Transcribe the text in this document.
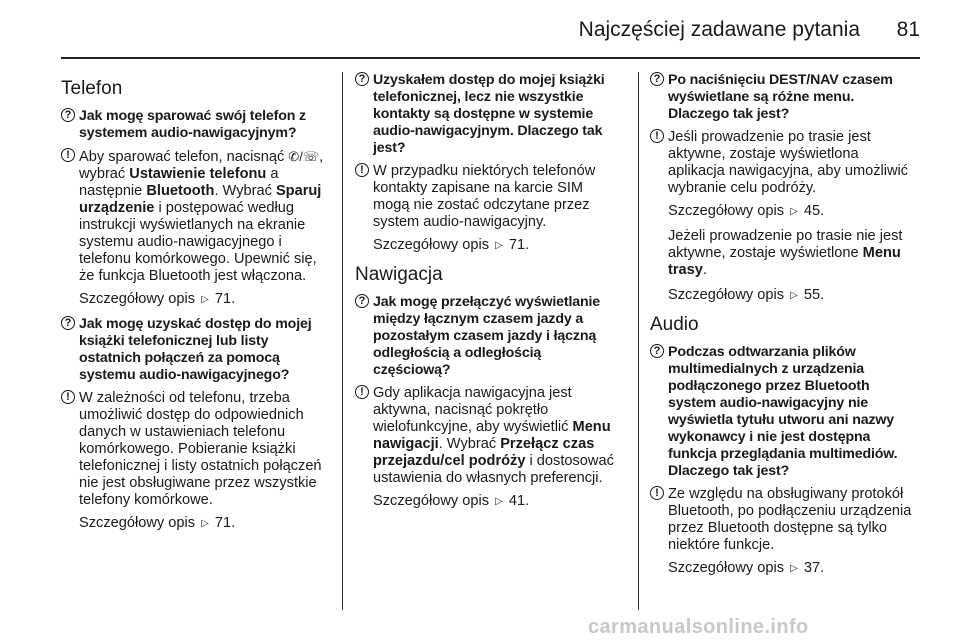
Najczęściej zadawane pytania 81
Telefon
? Jak mogę sparować swój telefon z systemem audio-nawigacyjnym?
! Aby sparować telefon, nacisnąć ✆/☏, wybrać Ustawienie telefonu a następnie Bluetooth. Wybrać Sparuj urządzenie i postępować według instrukcji wyświetlanych na ekranie systemu audio-nawigacyjnego i telefonu komórkowego. Upewnić się, że funkcja Bluetooth jest włączona.
Szczegółowy opis ▷ 71.
? Jak mogę uzyskać dostęp do mojej książki telefonicznej lub listy ostatnich połączeń za pomocą systemu audio-nawigacyjnego?
! W zależności od telefonu, trzeba umożliwić dostęp do odpowiednich danych w ustawieniach telefonu komórkowego. Pobieranie książki telefonicznej i listy ostatnich połączeń nie jest obsługiwane przez wszystkie telefony komórkowe.
Szczegółowy opis ▷ 71.
? Uzyskałem dostęp do mojej książki telefonicznej, lecz nie wszystkie kontakty są dostępne w systemie audio-nawigacyjnym. Dlaczego tak jest?
! W przypadku niektórych telefonów kontakty zapisane na karcie SIM mogą nie zostać odczytane przez system audio-nawigacyjny.
Szczegółowy opis ▷ 71.
Nawigacja
? Jak mogę przełączyć wyświetlanie między łącznym czasem jazdy a pozostałym czasem jazdy i łączną odległością a odległością częściową?
! Gdy aplikacja nawigacyjna jest aktywna, nacisnąć pokrętło wielofunkcyjne, aby wyświetlić Menu nawigacji. Wybrać Przełącz czas przejazdu/cel podróży i dostosować ustawienia do własnych preferencji.
Szczegółowy opis ▷ 41.
? Po naciśnięciu DEST/NAV czasem wyświetlane są różne menu. Dlaczego tak jest?
! Jeśli prowadzenie po trasie jest aktywne, zostaje wyświetlona aplikacja nawigacyjna, aby umożliwić wybranie celu podróży.
Szczegółowy opis ▷ 45.
Jeżeli prowadzenie po trasie nie jest aktywne, zostaje wyświetlone Menu trasy.
Szczegółowy opis ▷ 55.
Audio
? Podczas odtwarzania plików multimedialnych z urządzenia podłączonego przez Bluetooth system audio-nawigacyjny nie wyświetla tytułu utworu ani nazwy wykonawcy i nie jest dostępna funkcja przeglądania multimediów. Dlaczego tak jest?
! Ze względu na obsługiwany protokół Bluetooth, po podłączeniu urządzenia przez Bluetooth dostępne są tylko niektóre funkcje.
Szczegółowy opis ▷ 37.
carmanualsonline.info
